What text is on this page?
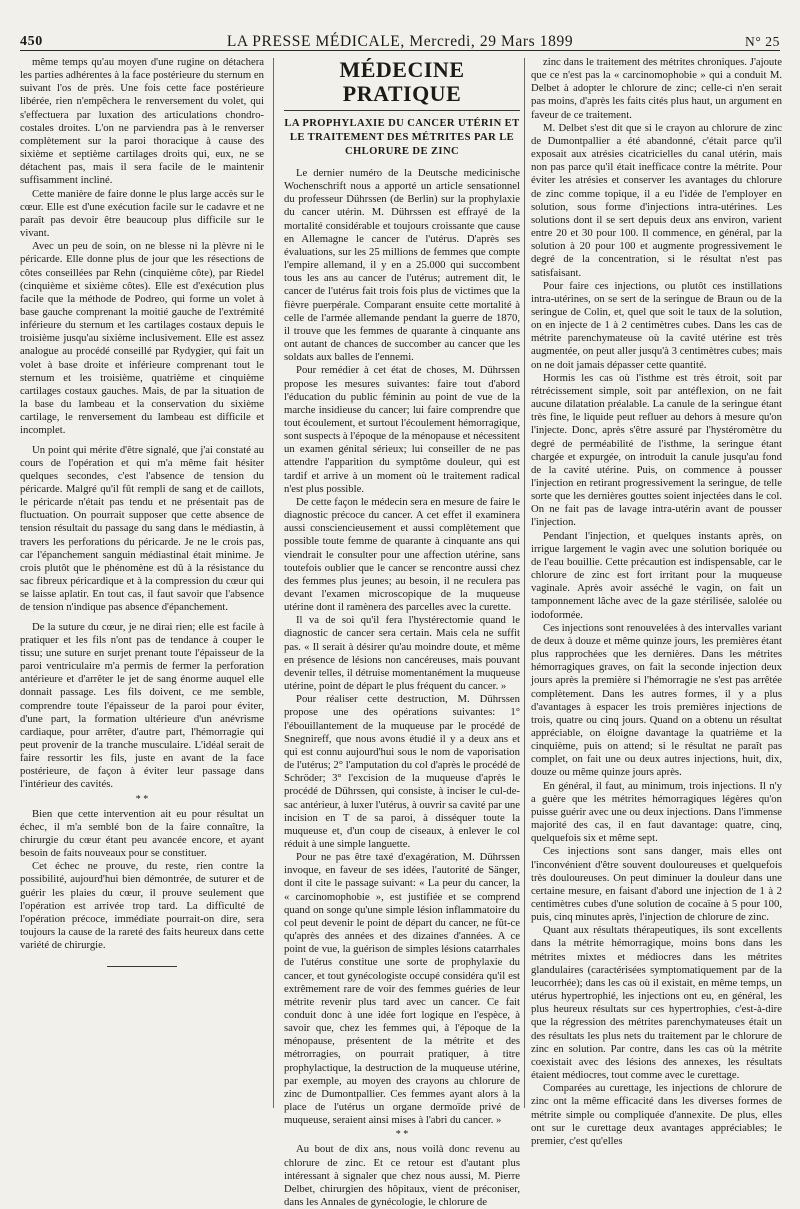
450	LA PRESSE MÉDICALE, Mercredi, 29 Mars 1899	N° 25

même temps qu'au moyen d'une rugine on détachera les parties adhérentes à la face postérieure du sternum en suivant l'os de près. Une fois cette face postérieure libérée, rien n'empêchera le renversement du volet, qui s'effectuera par luxation des articulations chondro-costales droites. L'on ne parviendra pas à le renverser complètement sur la paroi thoracique à cause des sixième et septième cartilages droits qui, eux, ne se détachent pas, mais il sera facile de le maintenir suffisamment incliné.

Cette manière de faire donne le plus large accès sur le cœur. Elle est d'une exécution facile sur le cadavre et ne paraît pas devoir être beaucoup plus difficile sur le vivant.

Avec un peu de soin, on ne blesse ni la plèvre ni le péricarde. Elle donne plus de jour que les résections de côtes conseillées par Rehn (cinquième côte), par Riedel (cinquième et sixième côtes). Elle est d'exécution plus facile que la méthode de Podreo, qui forme un volet à base gauche comprenant la moitié gauche de l'extrémité inférieure du sternum et les cartilages costaux depuis le troisième jusqu'au sixième inclusivement. Elle est assez analogue au procédé conseillé par Rydygier, qui fait un volet à base droite et inférieure comprenant tout le sternum et les troisième, quatrième et cinquième cartilages costaux gauches. Mais, de par la situation de la base du lambeau et la conservation du sixième cartilage, le renversement du lambeau est difficile et incomplet.

Un point qui mérite d'être signalé, que j'ai constaté au cours de l'opération et qui m'a même fait hésiter quelques secondes, c'est l'absence de tension du péricarde. Malgré qu'il fût rempli de sang et de caillots, le péricarde n'était pas tendu et ne présentait pas de fluctuation. On pourrait supposer que cette absence de tension résultait du passage du sang dans le médiastin, à travers les perforations du péricarde. Je ne le crois pas, car l'épanchement sanguin médiastinal était minime. Je crois plutôt que le phénomène est dû à la résistance du sac fibreux péricardique et à la compression du cœur qui se laisse aplatir. En tout cas, il faut savoir que l'absence de tension n'indique pas absence d'épanchement.

De la suture du cœur, je ne dirai rien; elle est facile à pratiquer et les fils n'ont pas de tendance à couper le tissu; une suture en surjet prenant toute l'épaisseur de la paroi ventriculaire m'a permis de fermer la perforation antérieure et d'arrêter le jet de sang énorme auquel elle donnait passage. Les fils doivent, ce me semble, comprendre toute l'épaisseur de la paroi pour éviter, d'une part, la formation ultérieure d'un anévrisme cardiaque, pour arrêter, d'autre part, l'hémorragie qui peut provenir de la tranche musculaire. L'idéal serait de faire ressortir les fils, juste en avant de la face postérieure, de façon à éviter leur passage dans l'intérieur des cavités.

* *

Bien que cette intervention ait eu pour résultat un échec, il m'a semblé bon de la faire connaître, la chirurgie du cœur étant peu avancée encore, et ayant besoin de faits nouveaux pour se constituer.

Cet échec ne prouve, du reste, rien contre la possibilité, aujourd'hui bien démontrée, de suturer et de guérir les plaies du cœur, il prouve seulement que l'opération est arrivée trop tard. La difficulté de l'opération précoce, immédiate pourrait-on dire, sera toujours la cause de la rareté des faits heureux dans cette variété de chirurgie.

MÉDECINE PRATIQUE
LA PROPHYLAXIE DU CANCER UTÉRIN ET LE TRAITEMENT DES MÉTRITES PAR LE CHLORURE DE ZINC

Le dernier numéro de la Deutsche medicinische Wochenschrift nous a apporté un article sensationnel du professeur Dührssen (de Berlin) sur la prophylaxie du cancer utérin. M. Dührssen est effrayé de la mortalité considérable et toujours croissante que cause en Allemagne le cancer de l'utérus. D'après ses évaluations, sur les 25 millions de femmes que compte l'empire allemand, il y en a 25.000 qui succombent tous les ans au cancer de l'utérus; autrement dit, le cancer de l'utérus fait trois fois plus de victimes que la fièvre puerpérale. Comparant ensuite cette mortalité à celle de l'armée allemande pendant la guerre de 1870, il trouve que les femmes de quarante à cinquante ans ont autant de chances de succomber au cancer que les soldats aux balles de l'ennemi.

Pour remédier à cet état de choses, M. Dührssen propose les mesures suivantes: faire tout d'abord l'éducation du public féminin au point de vue de la marche insidieuse du cancer; lui faire comprendre que tout écoulement, et surtout l'écoulement hémorragique, sont suspects à l'époque de la ménopause et nécessitent un examen génital sérieux; lui conseiller de ne pas attendre l'apparition du symptôme douleur, qui est tardif et arrive à un moment où le traitement radical n'est plus possible.

De cette façon le médecin sera en mesure de faire le diagnostic précoce du cancer. A cet effet il examinera aussi consciencieusement et aussi complètement que possible toute femme de quarante à cinquante ans qui viendrait le consulter pour une affection utérine, sans toutefois oublier que le cancer se rencontre aussi chez des femmes plus jeunes; au besoin, il ne reculera pas devant l'examen microscopique de la muqueuse utérine dont il ramènera des parcelles avec la curette.

Il va de soi qu'il fera l'hystérectomie quand le diagnostic de cancer sera certain. Mais cela ne suffit pas. « Il serait à désirer qu'au moindre doute, et même en présence de lésions non cancéreuses, mais pouvant devenir telles, il détruise momentanément la muqueuse utérine, point de départ le plus fréquent du cancer. »

Pour réaliser cette destruction, M. Dührssen propose une des opérations suivantes: 1° l'ébouillantement de la muqueuse par le procédé de Snegnireff, que nous avons étudié il y a deux ans et qui est connu aujourd'hui sous le nom de vaporisation de l'utérus; 2° l'amputation du col d'après le procédé de Schröder; 3° l'excision de la muqueuse d'après le procédé de Dührssen, qui consiste, à inciser le cul-de-sac antérieur, à luxer l'utérus, à ouvrir sa cavité par une incision en T de sa paroi, à disséquer toute la muqueuse et, d'un coup de ciseaux, à enlever le col réduit à une simple languette.

Pour ne pas être taxé d'exagération, M. Dührssen invoque, en faveur de ses idées, l'autorité de Sänger, dont il cite le passage suivant: « La peur du cancer, la « carcinomophobie », est justifiée et se comprend quand on songe qu'une simple lésion inflammatoire du col peut devenir le point de départ du cancer, ne fût-ce qu'après des années et des dizaines d'années. A ce point de vue, la guérison de simples lésions catarrhales de l'utérus constitue une sorte de prophylaxie du cancer, et tout gynécologiste occupé considéra qu'il est extrêmement rare de voir des femmes guéries de leur métrite revenir plus tard avec un cancer. Ce fait conduit donc à une idée fort logique en l'espèce, à savoir que, chez les femmes qui, à l'époque de la ménopause, présentent de la métrite et des métrorragies, on pourrait pratiquer, à titre prophylactique, la destruction de la muqueuse utérine, par exemple, au moyen des crayons au chlorure de zinc de Dumontpallier. Ces femmes ayant alors à la place de l'utérus un organe dermoïde privé de muqueuse, seraient ainsi mises à l'abri du cancer. »

* *

Au bout de dix ans, nous voilà donc revenu au chlorure de zinc. Et ce retour est d'autant plus intéressant à signaler que chez nous aussi, M. Pierre Delbet, chirurgien des hôpitaux, vient de préconiser, dans les Annales de gynécologie, le chlorure de

zinc dans le traitement des métrites chroniques. J'ajoute que ce n'est pas la « carcinomophobie » qui a conduit M. Delbet à adopter le chlorure de zinc; celle-ci n'en serait pas moins, d'après les faits cités plus haut, un argument en faveur de ce traitement.

M. Delbet s'est dit que si le crayon au chlorure de zinc de Dumontpallier a été abandonné, c'était parce qu'il exposait aux atrésies cicatricielles du canal utérin, mais non pas parce qu'il était inefficace contre la métrite. Pour éviter les atrésies et conserver les avantages du chlorure de zinc comme topique, il a eu l'idée de l'employer en solution, sous forme d'injections intra-utérines. Les solutions dont il se sert depuis deux ans environ, varient entre 20 et 30 pour 100. Il commence, en général, par la solution à 20 pour 100 et augmente progressivement le degré de la concentration, si le résultat n'est pas satisfaisant.

Pour faire ces injections, ou plutôt ces instillations intra-utérines, on se sert de la seringue de Braun ou de la seringue de Colin, et, quel que soit le taux de la solution, on en injecte de 1 à 2 centimètres cubes. Dans les cas de métrite parenchymateuse où la cavité utérine est très augmentée, on peut aller jusqu'à 3 centimètres cubes; mais on ne doit jamais dépasser cette quantité.

Hormis les cas où l'isthme est très étroit, soit par rétrécissement simple, soit par antéflexion, on ne fait aucune dilatation préalable. La canule de la seringue étant très fine, le liquide peut refluer au dehors à mesure qu'on l'injecte. Donc, après s'être assuré par l'hystéromètre du degré de perméabilité de l'isthme, la seringue étant chargée et expurgée, on introduit la canule jusqu'au fond de la cavité utérine. Puis, on commence à pousser l'injection en retirant progressivement la seringue, de telle sorte que les dernières gouttes soient injectées dans le col. On ne fait pas de lavage intra-utérin avant de pousser l'injection.

Pendant l'injection, et quelques instants après, on irrigue largement le vagin avec une solution boriquée ou de l'eau bouillie. Cette précaution est indispensable, car le chlorure de zinc est fort irritant pour la muqueuse vaginale. Après avoir asséché le vagin, on fait un tamponnement lâche avec de la gaze stérilisée, saloléе ou iodoformée.

Ces injections sont renouvelées à des intervalles variant de deux à douze et même quinze jours, les premières étant plus rapprochées que les dernières. Dans les métrites hémorragiques graves, on fait la seconde injection deux jours après la première si l'hémorragie ne s'est pas arrêtée complètement. Dans les autres formes, il y a plus d'avantages à espacer les trois premières injections de trois, quatre ou cinq jours. Quand on a obtenu un résultat appréciable, on éloigne davantage la quatrième et la cinquième, puis on attend; si le résultat ne paraît pas complet, on fait une ou deux autres injections, huit, dix, douze ou même quinze jours après.

En général, il faut, au minimum, trois injections. Il n'y a guère que les métrites hémorragiques légères qu'on puisse guérir avec une ou deux injections. Dans l'immense majorité des cas, il en faut davantage: quatre, cinq, quelquefois six et même sept.

Ces injections sont sans danger, mais elles ont l'inconvénient d'être souvent douloureuses et quelquefois très douloureuses. On peut diminuer la douleur dans une certaine mesure, en faisant d'abord une injection de 1 à 2 centimètres cubes d'une solution de cocaïne à 5 pour 100, puis, cinq minutes après, l'injection de chlorure de zinc.

Quant aux résultats thérapeutiques, ils sont excellents dans la métrite hémorragique, moins bons dans les métrites mixtes et médiocres dans les métrites glandulaires (caractérisées symptomatiquement par de la leucorrhée); dans les cas où il existait, en même temps, un utérus hypertrophié, les injections ont eu, en général, les plus heureux résultats sur ces hypertrophies, c'est-à-dire que la régression des métrites parenchymateuses était un des résultats les plus nets du traitement par le chlorure de zinc en solution. Par contre, dans les cas où la métrite coexistait avec des lésions des annexes, les résultats étaient médiocres, tout comme avec le curettage.

Comparées au curettage, les injections de chlorure de zinc ont la même efficacité dans les diverses formes de métrite simple ou compliquée d'annexite. De plus, elles ont sur le curettage deux avantages appréciables; le premier, c'est qu'elles
